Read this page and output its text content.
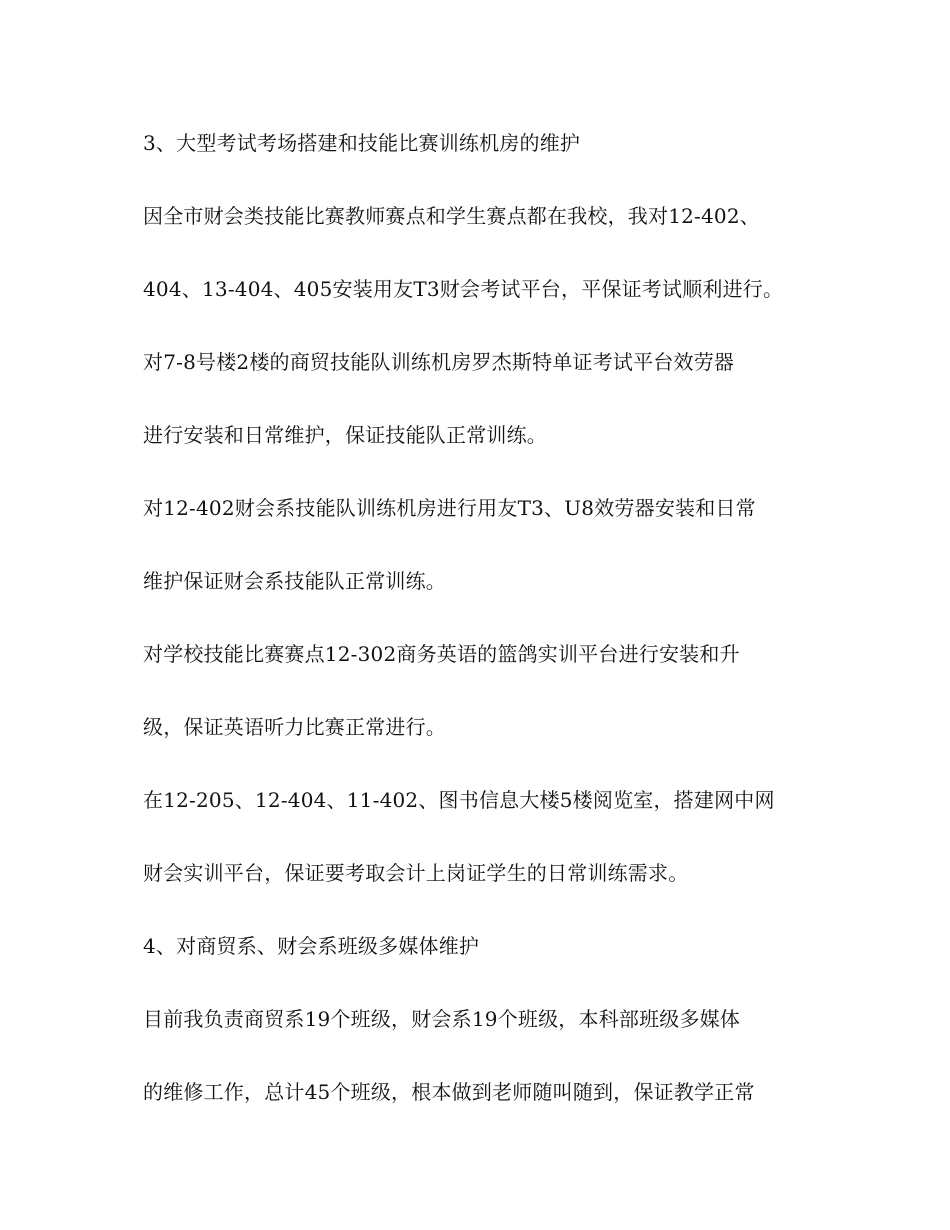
3、大型考试考场搭建和技能比赛训练机房的维护
因全市财会类技能比赛教师赛点和学生赛点都在我校，我对12-402、
404、13-404、405安装用友T3财会考试平台，平保证考试顺利进行。
对7-8号楼2楼的商贸技能队训练机房罗杰斯特单证考试平台效劳器
进行安装和日常维护，保证技能队正常训练。
对12-402财会系技能队训练机房进行用友T3、U8效劳器安装和日常
维护保证财会系技能队正常训练。
对学校技能比赛赛点12-302商务英语的篮鸽实训平台进行安装和升
级，保证英语听力比赛正常进行。
在12-205、12-404、11-402、图书信息大楼5楼阅览室，搭建网中网
财会实训平台，保证要考取会计上岗证学生的日常训练需求。
4、对商贸系、财会系班级多媒体维护
目前我负责商贸系19个班级，财会系19个班级，本科部班级多媒体
的维修工作，总计45个班级，根本做到老师随叫随到，保证教学正常
